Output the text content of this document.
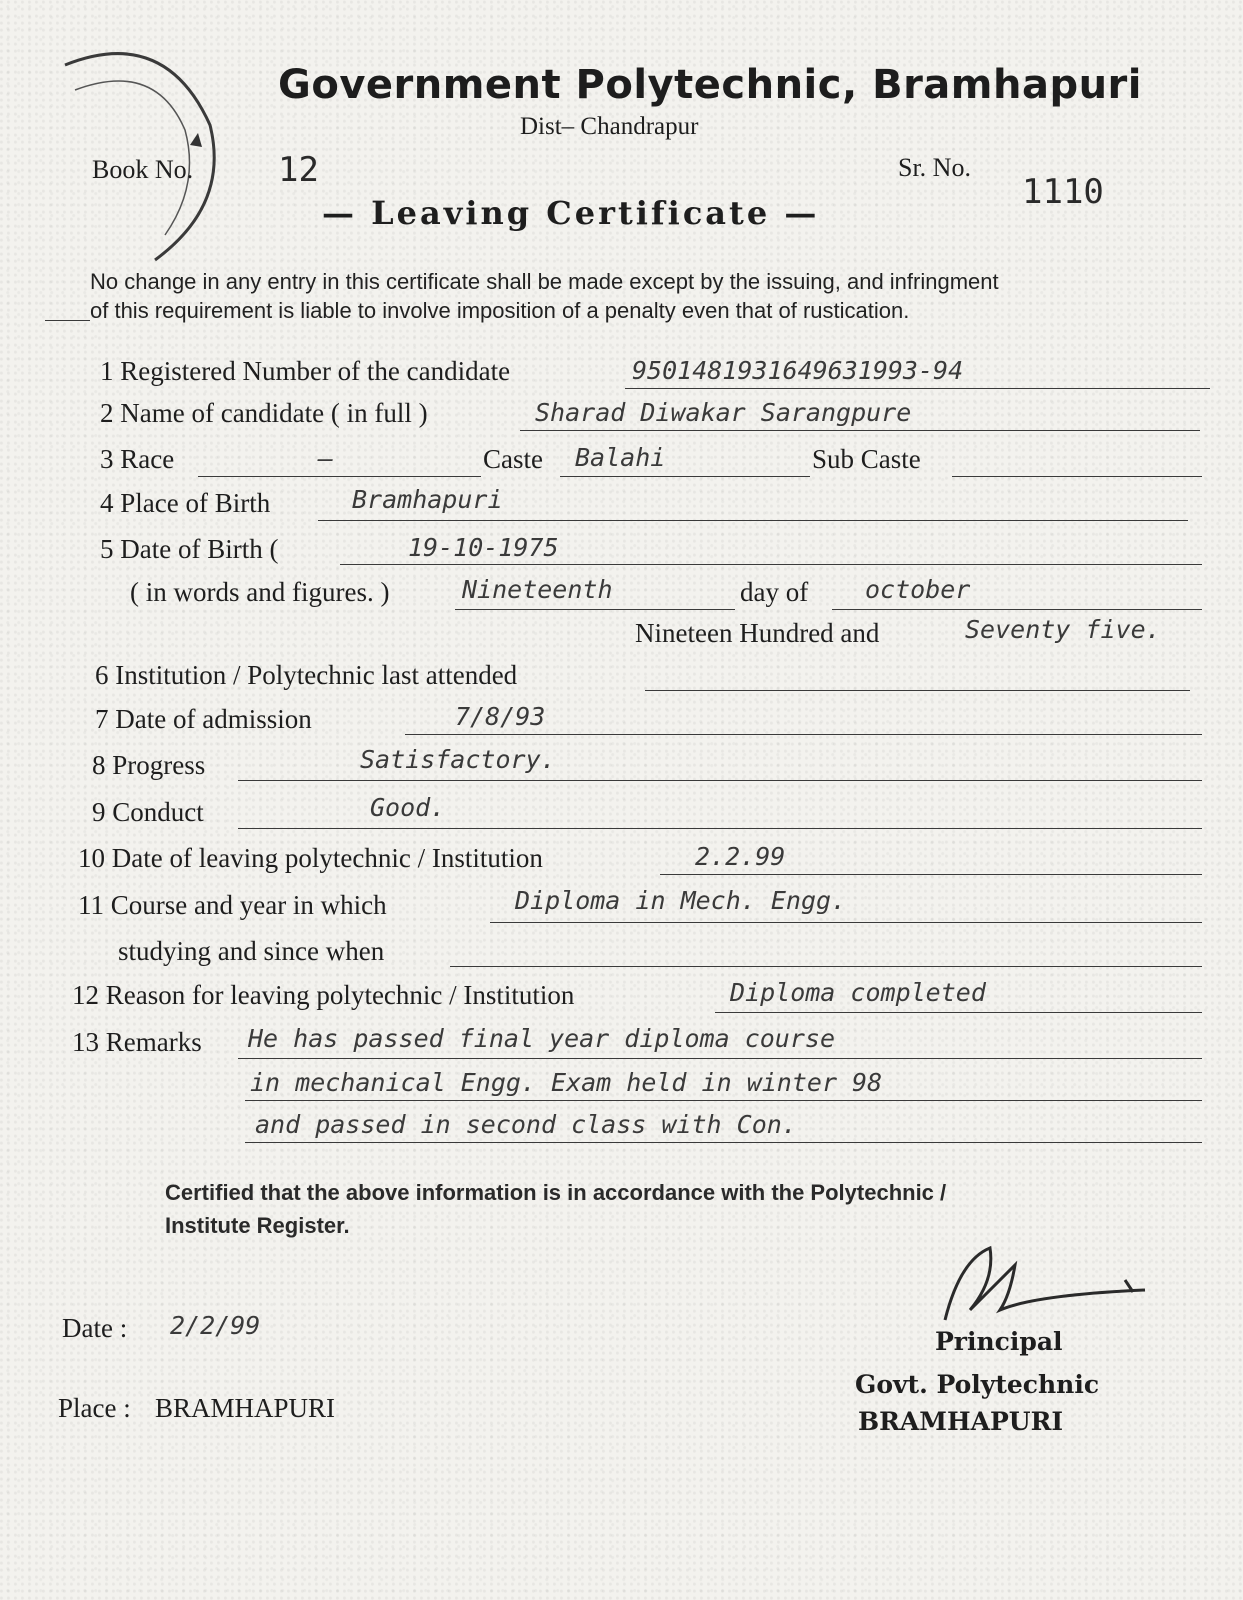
Government Polytechnic, Bramhapuri
Dist– Chandrapur
Book No. 12	Sr. No.
1110
— Leaving Certificate —
No change in any entry in this certificate shall be made except by the issuing, and infringment
of this requirement is liable to involve imposition of a penalty even that of rustication.
1 Registered Number of the candidate	9501481931649631993-94
2 Name of candidate ( in full )	Sharad Diwakar Sarangpure
3 Race	–	Caste Balahi	Sub Caste
4 Place of Birth	Bramhapuri
5 Date of Birth (	19-10-1975
( in words and figures. )	Nineteenth	day of october
Nineteen Hundred and	Seventy five.
6 Institution / Polytechnic last attended
7 Date of admission	7/8/93
8 Progress	Satisfactory.
9 Conduct	Good.
10 Date of leaving polytechnic / Institution	2.2.99
11 Course and year in which	Diploma in Mech. Engg.
studying and since when
12 Reason for leaving polytechnic / Institution	Diploma completed
13 Remarks He has passed final year diploma course
in mechanical Engg. Exam held in winter 98
and passed in second class with Con.
Certified that the above information is in accordance with the Polytechnic /
Institute Register.
Date : 2/2/99
Place : BRAMHAPURI
Principal
Govt. Polytechnic
BRAMHAPURI
